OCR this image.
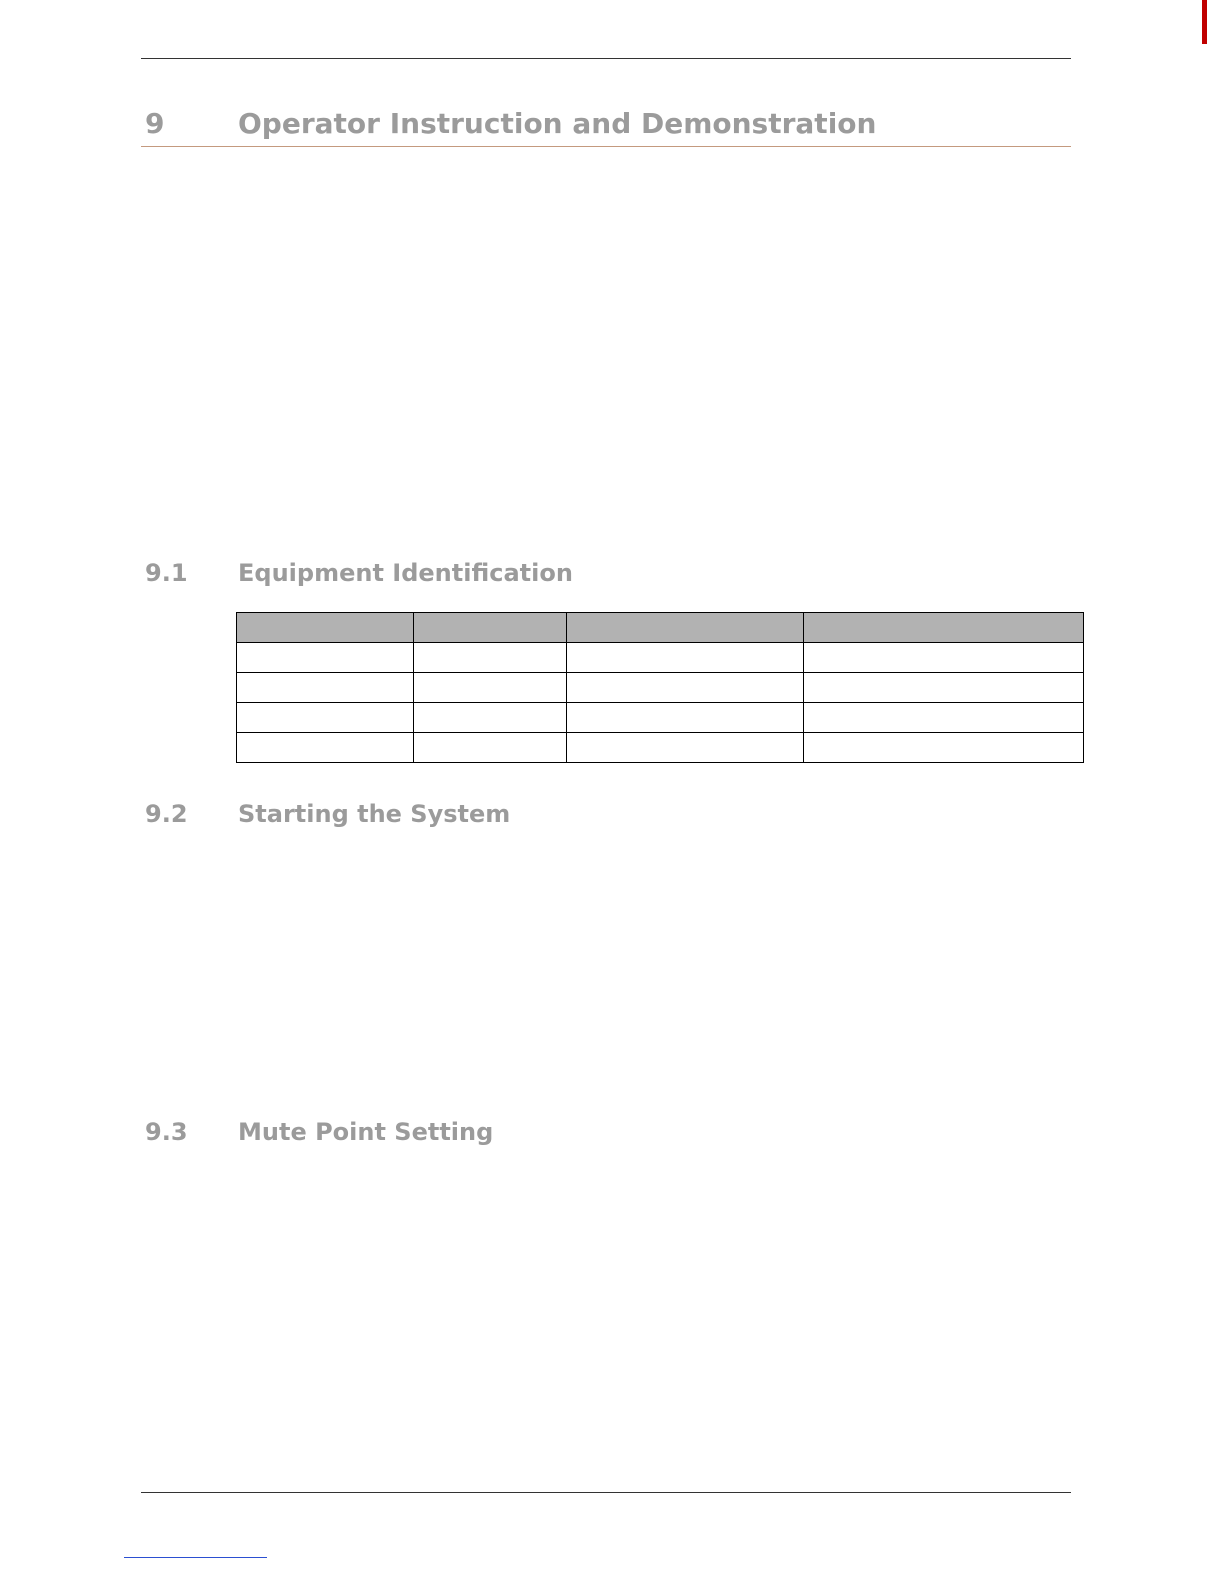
9	Operator Instruction and Demonstration
9.1 Equipment Identification

9.2 Starting the System
9.3 Mute Point Setting
